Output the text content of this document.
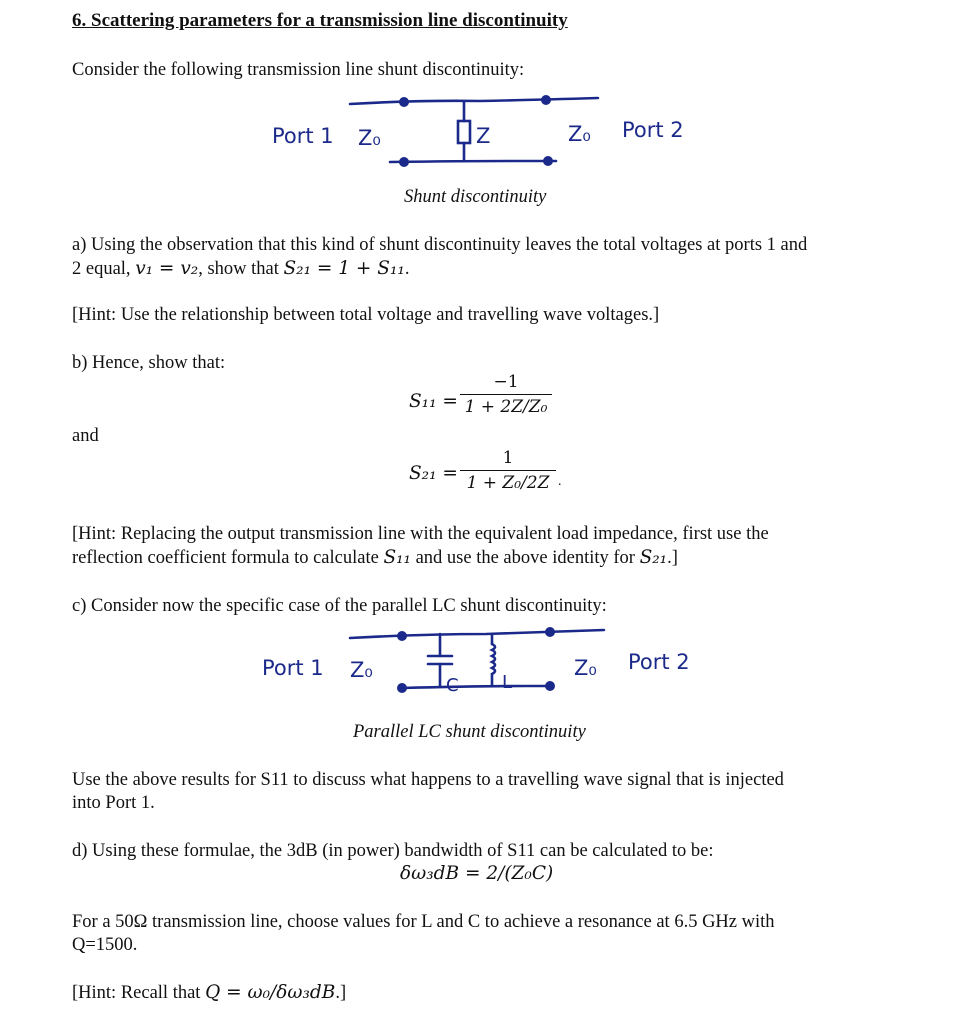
6. Scattering parameters for a transmission line discontinuity
Consider the following transmission line shunt discontinuity:
Port 1 Z₀	Z	Z₀ Port 2
Shunt discontinuity
a) Using the observation that this kind of shunt discontinuity leaves the total voltages at ports 1 and
2 equal, v₁ = v₂, show that S₂₁ = 1 + S₁₁.
[Hint: Use the relationship between total voltage and travelling wave voltages.]
b) Hence, show that:
$S_{11} = \frac{-1}{\text{1 + 2Z/Z₀}}$
and
$S_{21} = \frac{1}{\text{1 + Z₀/2Z}}$ .
[Hint: Replacing the output transmission line with the equivalent load impedance, first use the
reflection coefficient formula to calculate S₁₁ and use the above identity for S₂₁.]
c) Consider now the specific case of the parallel LC shunt discontinuity:
Port 1 Z₀
C L
Z₀ Port 2
Parallel LC shunt discontinuity
Use the above results for S11 to discuss what happens to a travelling wave signal that is injected
into Port 1.
d) Using these formulae, the 3dB (in power) bandwidth of S11 can be calculated to be:
δω₃dB = 2/(Z₀C)
For a 50Ω transmission line, choose values for L and C to achieve a resonance at 6.5 GHz with
Q=1500.
[Hint: Recall that Q = ω₀/δω₃dB.]
